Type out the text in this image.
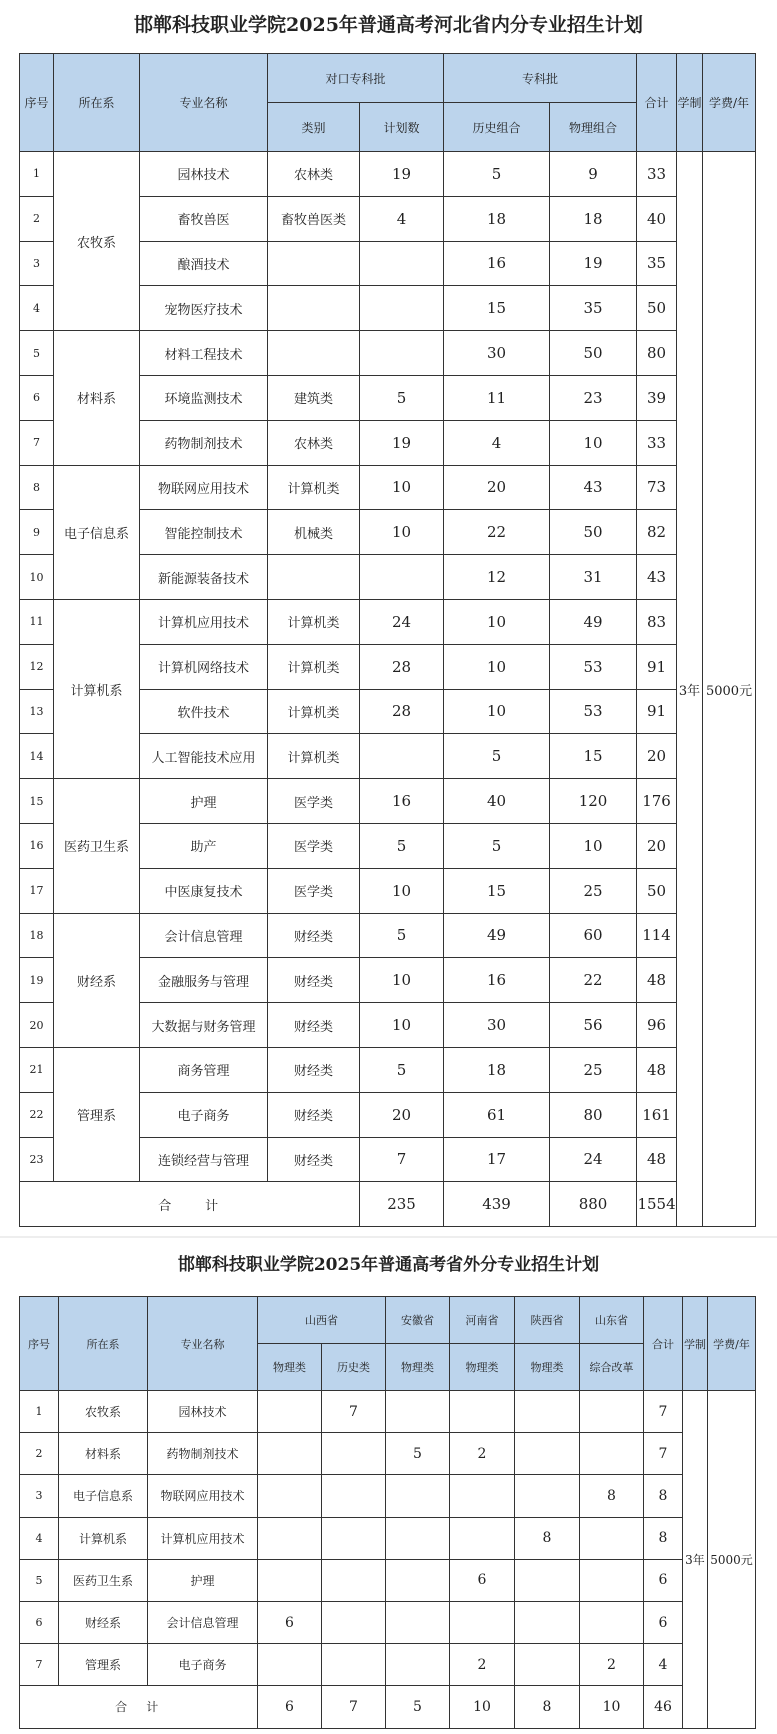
邯郸科技职业学院2025年普通高考河北省内分专业招生计划
序号	所在系	专业名称	对口专科批		专科批		合计	学制	学费/年
			类别	计划数	历史组合	物理组合			
1	农牧系	园林技术	农林类	19	5	9	33	3年	5000元
2		畜牧兽医	畜牧兽医类	4	18	18	40		
3		酿酒技术			16	19	35		
4		宠物医疗技术			15	35	50		
5	材料系	材料工程技术			30	50	80		
6		环境监测技术	建筑类	5	11	23	39		
7		药物制剂技术	农林类	19	4	10	33		
8	电子信息系	物联网应用技术	计算机类	10	20	43	73		
9		智能控制技术	机械类	10	22	50	82		
10		新能源装备技术			12	31	43		
11	计算机系	计算机应用技术	计算机类	24	10	49	83		
12		计算机网络技术	计算机类	28	10	53	91		
13		软件技术	计算机类	28	10	53	91		
14		人工智能技术应用	计算机类		5	15	20		
15	医药卫生系	护理	医学类	16	40	120	176		
16		助产	医学类	5	5	10	20		
17		中医康复技术	医学类	10	15	25	50		
18	财经系	会计信息管理	财经类	5	49	60	114		
19		金融服务与管理	财经类	10	16	22	48		
20		大数据与财务管理	财经类	10	30	56	96		
21	管理系	商务管理	财经类	5	18	25	48		
22		电子商务	财经类	20	61	80	161		
23		连锁经营与管理	财经类	7	17	24	48		
合　　计				235	439	880	1554		
邯郸科技职业学院2025年普通高考省外分专业招生计划
序号	所在系	专业名称	山西省		安徽省	河南省	陕西省	山东省	合计	学制	学费/年
			物理类	历史类	物理类	物理类	物理类	综合改革			
1	农牧系	园林技术		7					7	3年	5000元
2	材料系	药物制剂技术			5	2			7		
3	电子信息系	物联网应用技术						8	8		
4	计算机系	计算机应用技术					8		8		
5	医药卫生系	护理				6			6		
6	财经系	会计信息管理	6						6		
7	管理系	电子商务				2		2	4		
合　计			6	7	5	10	8	10	46		
